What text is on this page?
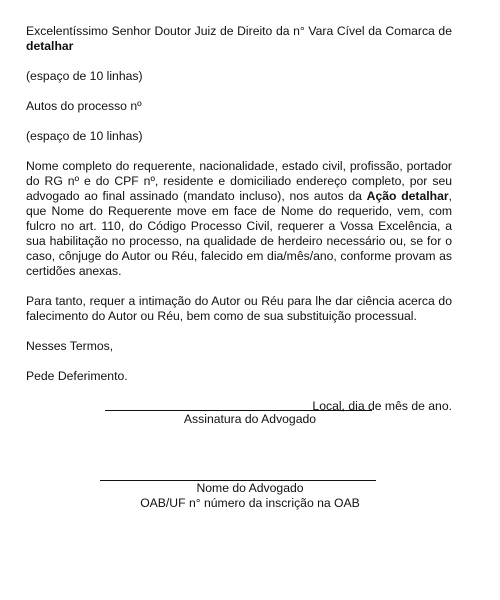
Excelentíssimo Senhor Doutor Juiz de Direito da n° Vara Cível da Comarca de detalhar

(espaço de 10 linhas)

Autos do processo nº

(espaço de 10 linhas)

Nome completo do requerente, nacionalidade, estado civil, profissão, portador do RG nº e do CPF nº, residente e domiciliado endereço completo, por seu advogado ao final assinado (mandato incluso), nos autos da Ação detalhar, que Nome do Requerente move em face de Nome do requerido, vem, com fulcro no art. 110, do Código Processo Civil, requerer a Vossa Excelência, a sua habilitação no processo, na qualidade de herdeiro necessário ou, se for o caso, cônjuge do Autor ou Réu, falecido em dia/mês/ano, conforme provam as certidões anexas.

Para tanto, requer a intimação do Autor ou Réu para lhe dar ciência acerca do falecimento do Autor ou Réu, bem como de sua substituição processual.

Nesses Termos,

Pede Deferimento.

Local, dia de mês de ano.

Assinatura do Advogado
Nome do Advogado
OAB/UF n° número da inscrição na OAB
